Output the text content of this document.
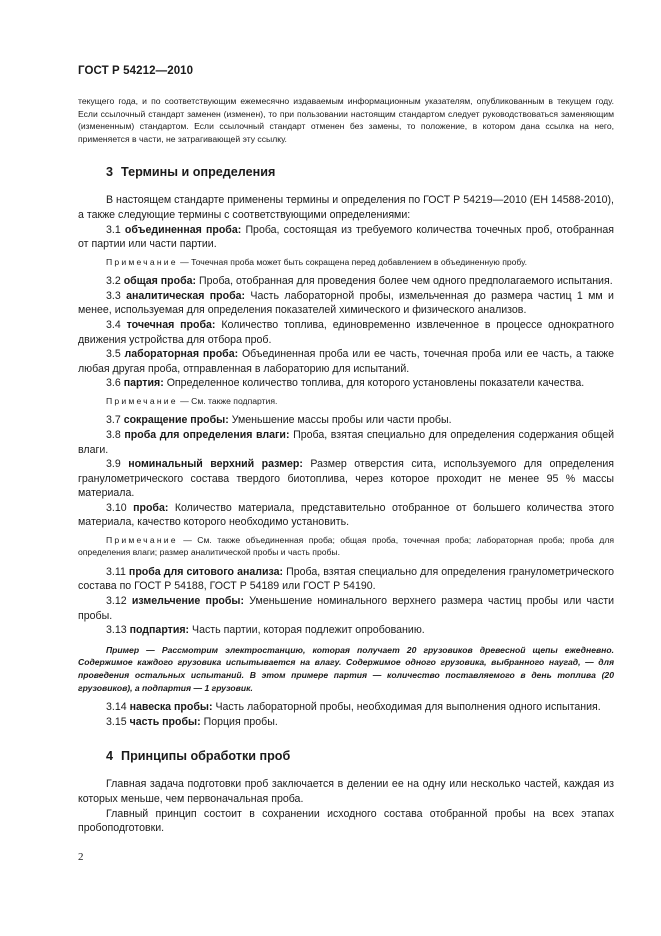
ГОСТ Р 54212—2010

текущего года, и по соответствующим ежемесячно издаваемым информационным указателям, опубликованным в текущем году. Если ссылочный стандарт заменен (изменен), то при пользовании настоящим стандартом следует руководствоваться заменяющим (измененным) стандартом. Если ссылочный стандарт отменен без замены, то положение, в котором дана ссылка на него, применяется в части, не затрагивающей эту ссылку.

3 Термины и определения

В настоящем стандарте применены термины и определения по ГОСТ Р 54219—2010 (ЕН 14588-2010), а также следующие термины с соответствующими определениями:

3.1 объединенная проба: Проба, состоящая из требуемого количества точечных проб, отобранная от партии или части партии.

Примечание — Точечная проба может быть сокращена перед добавлением в объединенную пробу.

3.2 общая проба: Проба, отобранная для проведения более чем одного предполагаемого испытания.

3.3 аналитическая проба: Часть лабораторной пробы, измельченная до размера частиц 1 мм и менее, используемая для определения показателей химического и физического анализов.

3.4 точечная проба: Количество топлива, единовременно извлеченное в процессе однократного движения устройства для отбора проб.

3.5 лабораторная проба: Объединенная проба или ее часть, точечная проба или ее часть, а также любая другая проба, отправленная в лабораторию для испытаний.

3.6 партия: Определенное количество топлива, для которого установлены показатели качества.

Примечание — См. также подпартия.

3.7 сокращение пробы: Уменьшение массы пробы или части пробы.

3.8 проба для определения влаги: Проба, взятая специально для определения содержания общей влаги.

3.9 номинальный верхний размер: Размер отверстия сита, используемого для определения гранулометрического состава твердого биотоплива, через которое проходит не менее 95 % массы материала.

3.10 проба: Количество материала, представительно отобранное от большего количества этого материала, качество которого необходимо установить.

Примечание — См. также объединенная проба; общая проба, точечная проба; лабораторная проба; проба для определения влаги; размер аналитической пробы и часть пробы.

3.11 проба для ситового анализа: Проба, взятая специально для определения гранулометрического состава по ГОСТ Р 54188, ГОСТ Р 54189 или ГОСТ Р 54190.

3.12 измельчение пробы: Уменьшение номинального верхнего размера частиц пробы или части пробы.

3.13 подпартия: Часть партии, которая подлежит опробованию.

Пример — Рассмотрим электростанцию, которая получает 20 грузовиков древесной щепы ежедневно. Содержимое каждого грузовика испытывается на влагу. Содержимое одного грузовика, выбранного наугад, — для проведения остальных испытаний. В этом примере партия — количество поставляемого в день топлива (20 грузовиков), а подпартия — 1 грузовик.

3.14 навеска пробы: Часть лабораторной пробы, необходимая для выполнения одного испытания.

3.15 часть пробы: Порция пробы.

4 Принципы обработки проб

Главная задача подготовки проб заключается в делении ее на одну или несколько частей, каждая из которых меньше, чем первоначальная проба.

Главный принцип состоит в сохранении исходного состава отобранной пробы на всех этапах пробоподготовки.

2
